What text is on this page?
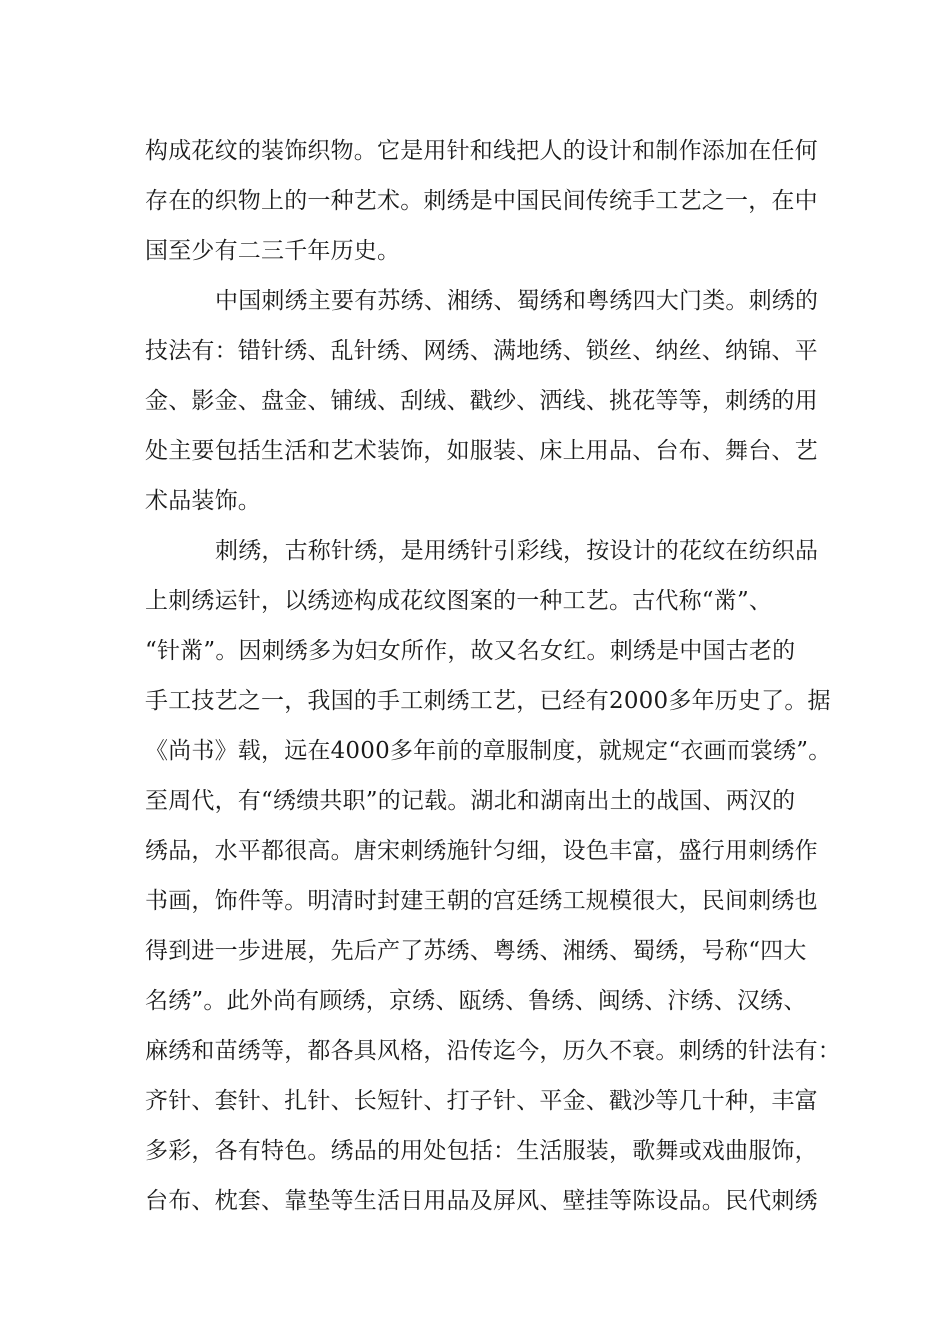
构成花纹的装饰织物。它是用针和线把人的设计和制作添加在任何
存在的织物上的一种艺术。刺绣是中国民间传统手工艺之一，在中
国至少有二三千年历史。
中国刺绣主要有苏绣、湘绣、蜀绣和粤绣四大门类。刺绣的
技法有：错针绣、乱针绣、网绣、满地绣、锁丝、纳丝、纳锦、平
金、影金、盘金、铺绒、刮绒、戳纱、洒线、挑花等等，刺绣的用
处主要包括生活和艺术装饰，如服装、床上用品、台布、舞台、艺
术品装饰。
刺绣，古称针绣，是用绣针引彩线，按设计的花纹在纺织品
上刺绣运针，以绣迹构成花纹图案的一种工艺。古代称“黹”、
“针黹”。因刺绣多为妇女所作，故又名女红。刺绣是中国古老的
手工技艺之一，我国的手工刺绣工艺，已经有2000多年历史了。据
《尚书》载，远在4000多年前的章服制度，就规定“衣画而裳绣”。
至周代，有“绣缋共职”的记载。湖北和湖南出土的战国、两汉的
绣品，水平都很高。唐宋刺绣施针匀细，设色丰富，盛行用刺绣作
书画，饰件等。明清时封建王朝的宫廷绣工规模很大，民间刺绣也
得到进一步进展，先后产了苏绣、粤绣、湘绣、蜀绣，号称“四大
名绣”。此外尚有顾绣，京绣、瓯绣、鲁绣、闽绣、汴绣、汉绣、
麻绣和苗绣等，都各具风格，沿传迄今，历久不衰。刺绣的针法有：
齐针、套针、扎针、长短针、打子针、平金、戳沙等几十种，丰富
多彩，各有特色。绣品的用处包括：生活服装，歌舞或戏曲服饰，
台布、枕套、靠垫等生活日用品及屏风、壁挂等陈设品。民代刺绣
